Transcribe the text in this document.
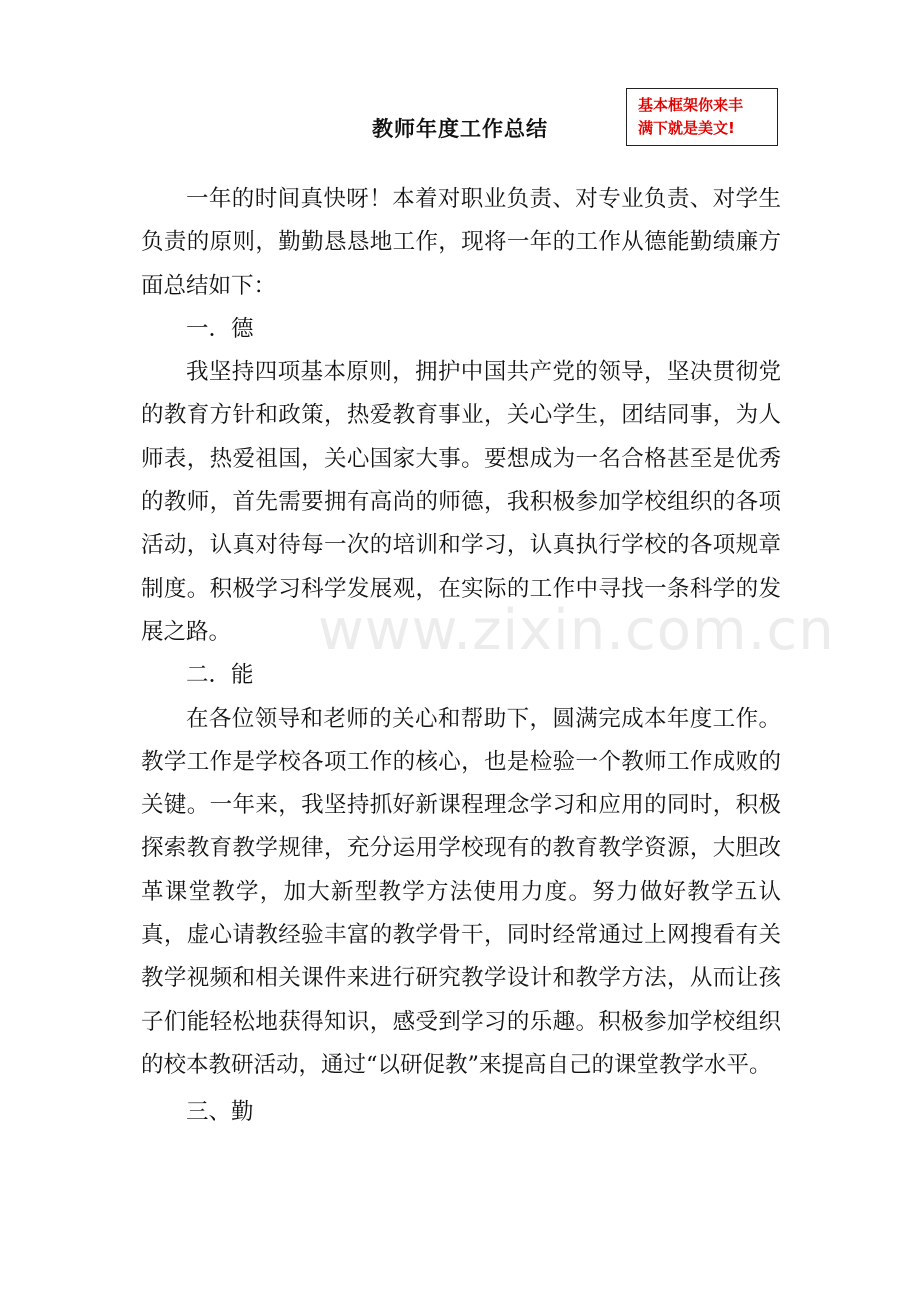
教师年度工作总结
基本框架你来丰
满下就是美文!
www.zixin.com.cn

一年的时间真快呀！本着对职业负责、对专业负责、对学生负责的原则，勤勤恳恳地工作，现将一年的工作从德能勤绩廉方面总结如下：

一．德

我坚持四项基本原则，拥护中国共产党的领导，坚决贯彻党的教育方针和政策，热爱教育事业，关心学生，团结同事，为人师表，热爱祖国，关心国家大事。要想成为一名合格甚至是优秀的教师，首先需要拥有高尚的师德，我积极参加学校组织的各项活动，认真对待每一次的培训和学习，认真执行学校的各项规章制度。积极学习科学发展观，在实际的工作中寻找一条科学的发展之路。

二．能

在各位领导和老师的关心和帮助下，圆满完成本年度工作。教学工作是学校各项工作的核心，也是检验一个教师工作成败的关键。一年来，我坚持抓好新课程理念学习和应用的同时，积极探索教育教学规律，充分运用学校现有的教育教学资源，大胆改革课堂教学，加大新型教学方法使用力度。努力做好教学五认真，虚心请教经验丰富的教学骨干，同时经常通过上网搜看有关教学视频和相关课件来进行研究教学设计和教学方法，从而让孩子们能轻松地获得知识，感受到学习的乐趣。积极参加学校组织的校本教研活动，通过“以研促教”来提高自己的课堂教学水平。

三、勤
